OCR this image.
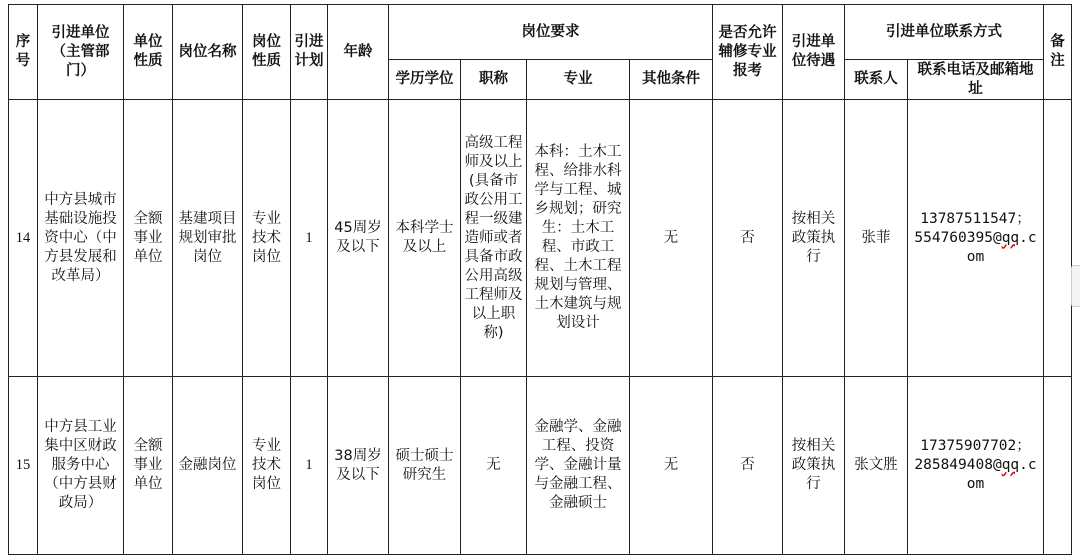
序号	引进单位（主管部门）	单位性质	岗位名称	岗位性质	引进计划	年龄	岗位要求				是否允许辅修专业报考	引进单位待遇	引进单位联系方式		备注
							学历学位	职称	专业	其他条件			联系人	联系电话及邮箱地址	
14	中方县城市基础设施投资中心（中方县发展和改革局）	全额事业单位	基建项目规划审批岗位	专业技术岗位	1	45周岁及以下	本科学士及以上	高级工程师及以上(具备市政公用工程一级建造师或者具备市政公用高级工程师及以上职称)	本科：土木工程、给排水科学与工程、城乡规划；研究生：土木工程、市政工程、土木工程规划与管理、土木建筑与规划设计	无	否	按相关政策执行	张菲	13787511547；
554760395@qq.com	
15	中方县工业集中区财政服务中心（中方县财政局）	全额事业单位	金融岗位	专业技术岗位	1	38周岁及以下	硕士硕士研究生	无	金融学、金融工程、投资学、金融计量与金融工程、金融硕士	无	否	按相关政策执行	张文胜	17375907702；
285849408@qq.com	
